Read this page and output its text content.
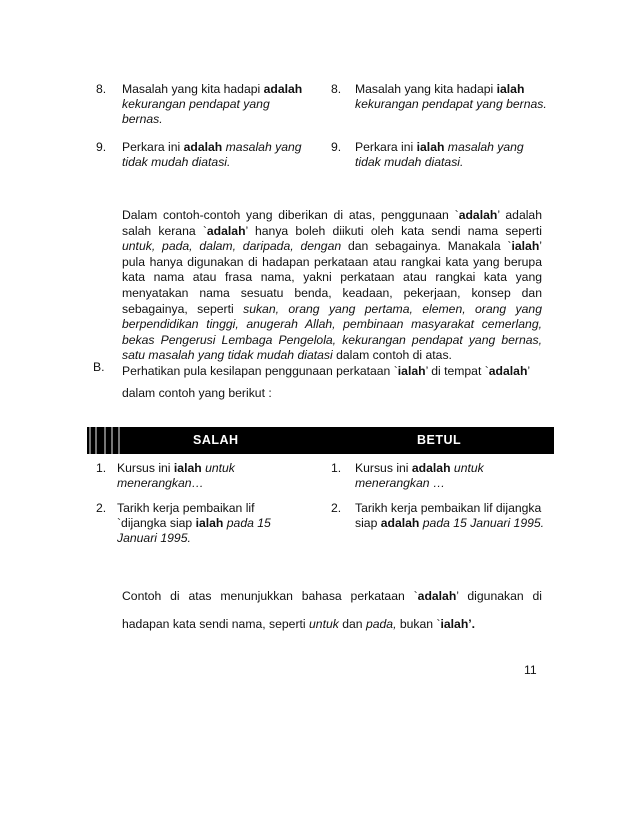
8. Masalah yang kita hadapi adalah
kekurangan pendapat yang
bernas.
8. Masalah yang kita hadapi ialah
kekurangan pendapat yang bernas.
9. Perkara ini adalah masalah yang
tidak mudah diatasi.
9. Perkara ini ialah masalah yang
tidak mudah diatasi.
Dalam contoh-contoh yang diberikan di atas, penggunaan `adalah’ adalah
salah kerana `adalah’ hanya boleh diikuti oleh kata sendi nama seperti
untuk, pada, dalam, daripada, dengan dan sebagainya. Manakala `ialah’
pula hanya digunakan di hadapan perkataan atau rangkai kata yang berupa
kata nama atau frasa nama, yakni perkataan atau rangkai kata yang
menyatakan nama sesuatu benda, keadaan, pekerjaan, konsep dan
sebagainya, seperti sukan, orang yang pertama, elemen, orang yang
berpendidikan tinggi, anugerah Allah, pembinaan masyarakat cemerlang,
bekas Pengerusi Lembaga Pengelola, kekurangan pendapat yang bernas,
satu masalah yang tidak mudah diatasi dalam contoh di atas.
B. Perhatikan pula kesilapan penggunaan perkataan `ialah’ di tempat `adalah’
dalam contoh yang berikut :
SALAH	BETUL
1. Kursus ini ialah untuk
menerangkan…
1. Kursus ini adalah untuk
menerangkan …
2. Tarikh kerja pembaikan lif
`dijangka siap ialah pada 15
Januari 1995.
2. Tarikh kerja pembaikan lif dijangka
siap adalah pada 15 Januari 1995.
Contoh di atas menunjukkan bahasa perkataan `adalah’ digunakan di
hadapan kata sendi nama, seperti untuk dan pada, bukan `ialah’.
11
